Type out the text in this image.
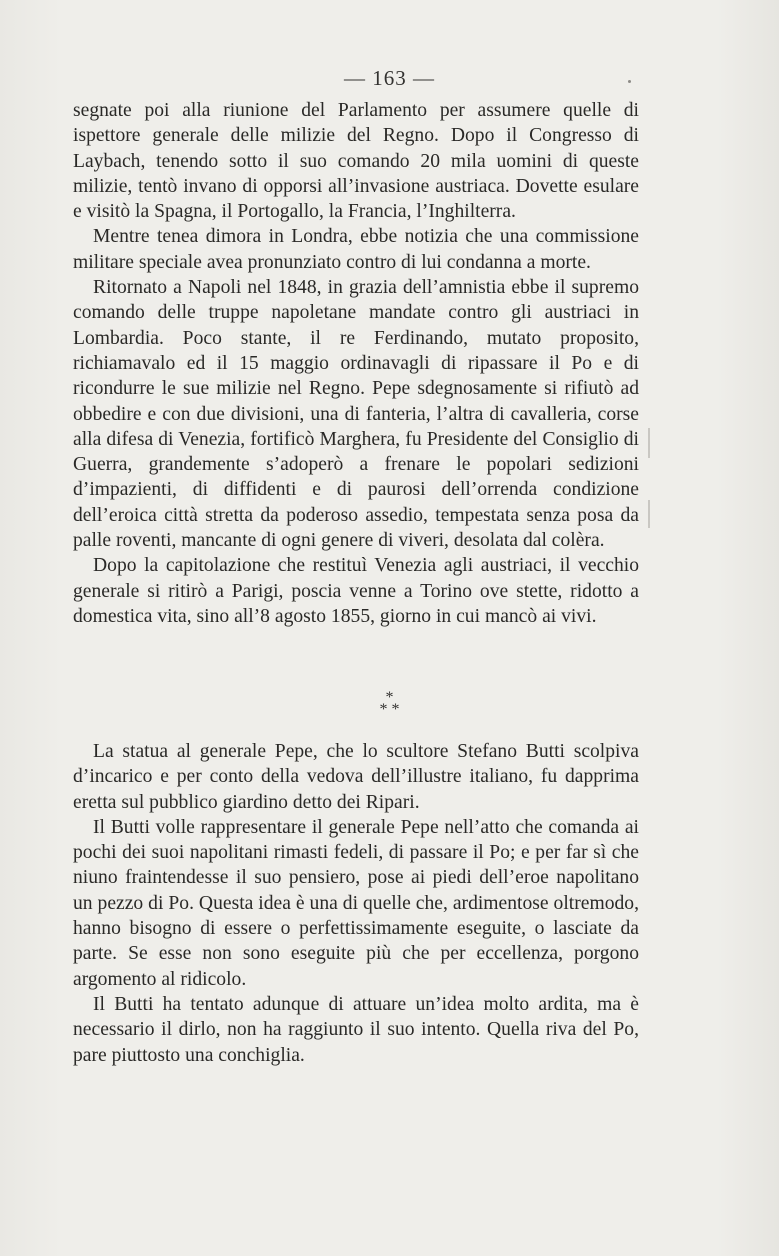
— 163 —

segnate poi alla riunione del Parlamento per assumere quelle di ispettore generale delle milizie del Regno. Dopo il Congresso di Laybach, tenendo sotto il suo comando 20 mila uomini di queste milizie, tentò invano di opporsi all’invasione austriaca. Dovette esulare e visitò la Spagna, il Portogallo, la Francia, l’Inghilterra.

Mentre tenea dimora in Londra, ebbe notizia che una commissione militare speciale avea pronunziato contro di lui condanna a morte.

Ritornato a Napoli nel 1848, in grazia dell’amnistia ebbe il supremo comando delle truppe napoletane mandate contro gli austriaci in Lombardia. Poco stante, il re Ferdinando, mutato proposito, richiamavalo ed il 15 maggio ordinavagli di ripassare il Po e di ricondurre le sue milizie nel Regno. Pepe sdegnosamente si rifiutò ad obbedire e con due divisioni, una di fanteria, l’altra di cavalleria, corse alla difesa di Venezia, fortificò Marghera, fu Presidente del Consiglio di Guerra, grandemente s’adoperò a frenare le popolari sedizioni d’impazienti, di diffidenti e di paurosi dell’orrenda condizione dell’eroica città stretta da poderoso assedio, tempestata senza posa da palle roventi, mancante di ogni genere di viveri, desolata dal colèra.

Dopo la capitolazione che restituì Venezia agli austriaci, il vecchio generale si ritirò a Parigi, poscia venne a Torino ove stette, ridotto a domestica vita, sino all’8 agosto 1855, giorno in cui mancò ai vivi.

*
* *

La statua al generale Pepe, che lo scultore Stefano Butti scolpiva d’incarico e per conto della vedova dell’illustre italiano, fu dapprima eretta sul pubblico giardino detto dei Ripari.

Il Butti volle rappresentare il generale Pepe nell’atto che comanda ai pochi dei suoi napolitani rimasti fedeli, di passare il Po; e per far sì che niuno fraintendesse il suo pensiero, pose ai piedi dell’eroe napolitano un pezzo di Po. Questa idea è una di quelle che, ardimentose oltremodo, hanno bisogno di essere o perfettissimamente eseguite, o lasciate da parte. Se esse non sono eseguite più che per eccellenza, porgono argomento al ridicolo.

Il Butti ha tentato adunque di attuare un’idea molto ardita, ma è necessario il dirlo, non ha raggiunto il suo intento. Quella riva del Po, pare piuttosto una conchiglia.
